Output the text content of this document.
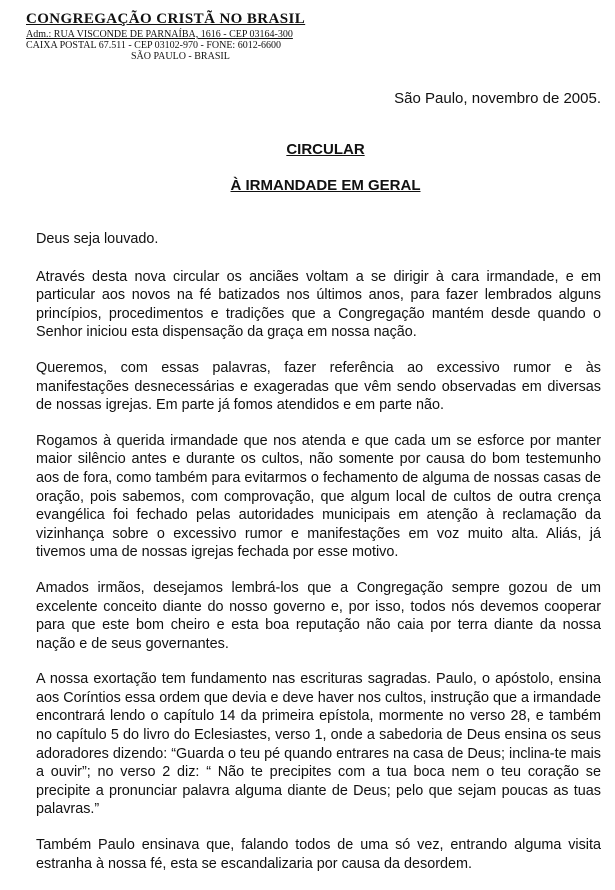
CONGREGAÇÃO CRISTÃ NO BRASIL
Adm.: RUA VISCONDE DE PARNAÍBA, 1616 - CEP 03164-300
CAIXA POSTAL 67.511 - CEP 03102-970 - FONE: 6012-6600
SÃO PAULO - BRASIL

São Paulo, novembro de 2005.

CIRCULAR
À IRMANDADE EM GERAL

Deus seja louvado.

Através desta nova circular os anciães voltam a se dirigir à cara irmandade, e em particular aos novos na fé batizados nos últimos anos, para fazer lembrados alguns princípios, procedimentos e tradições que a Congregação mantém desde quando o Senhor iniciou esta dispensação da graça em nossa nação.

Queremos, com essas palavras, fazer referência ao excessivo rumor e às manifestações desnecessárias e exageradas que vêm sendo observadas em diversas de nossas igrejas. Em parte já fomos atendidos e em parte não.

Rogamos à querida irmandade que nos atenda e que cada um se esforce por manter maior silêncio antes e durante os cultos, não somente por causa do bom testemunho aos de fora, como também para evitarmos o fechamento de alguma de nossas casas de oração, pois sabemos, com comprovação, que algum local de cultos de outra crença evangélica foi fechado pelas autoridades municipais em atenção à reclamação da vizinhança sobre o excessivo rumor e manifestações em voz muito alta. Aliás, já tivemos uma de nossas igrejas fechada por esse motivo.

Amados irmãos, desejamos lembrá-los que a Congregação sempre gozou de um excelente conceito diante do nosso governo e, por isso, todos nós devemos cooperar para que este bom cheiro e esta boa reputação não caia por terra diante da nossa nação e de seus governantes.

A nossa exortação tem fundamento nas escrituras sagradas. Paulo, o apóstolo, ensina aos Coríntios essa ordem que devia e deve haver nos cultos, instrução que a irmandade encontrará lendo o capítulo 14 da primeira epístola, mormente no verso 28, e também no capítulo 5 do livro do Eclesiastes, verso 1, onde a sabedoria de Deus ensina os seus adoradores dizendo: “Guarda o teu pé quando entrares na casa de Deus; inclina-te mais a ouvir”; no verso 2 diz: “ Não te precipites com a tua boca nem o teu coração se precipite a pronunciar palavra alguma diante de Deus; pelo que sejam poucas as tuas palavras.”

Também Paulo ensinava que, falando todos de uma só vez, entrando alguma visita estranha à nossa fé, esta se escandalizaria por causa da desordem.
